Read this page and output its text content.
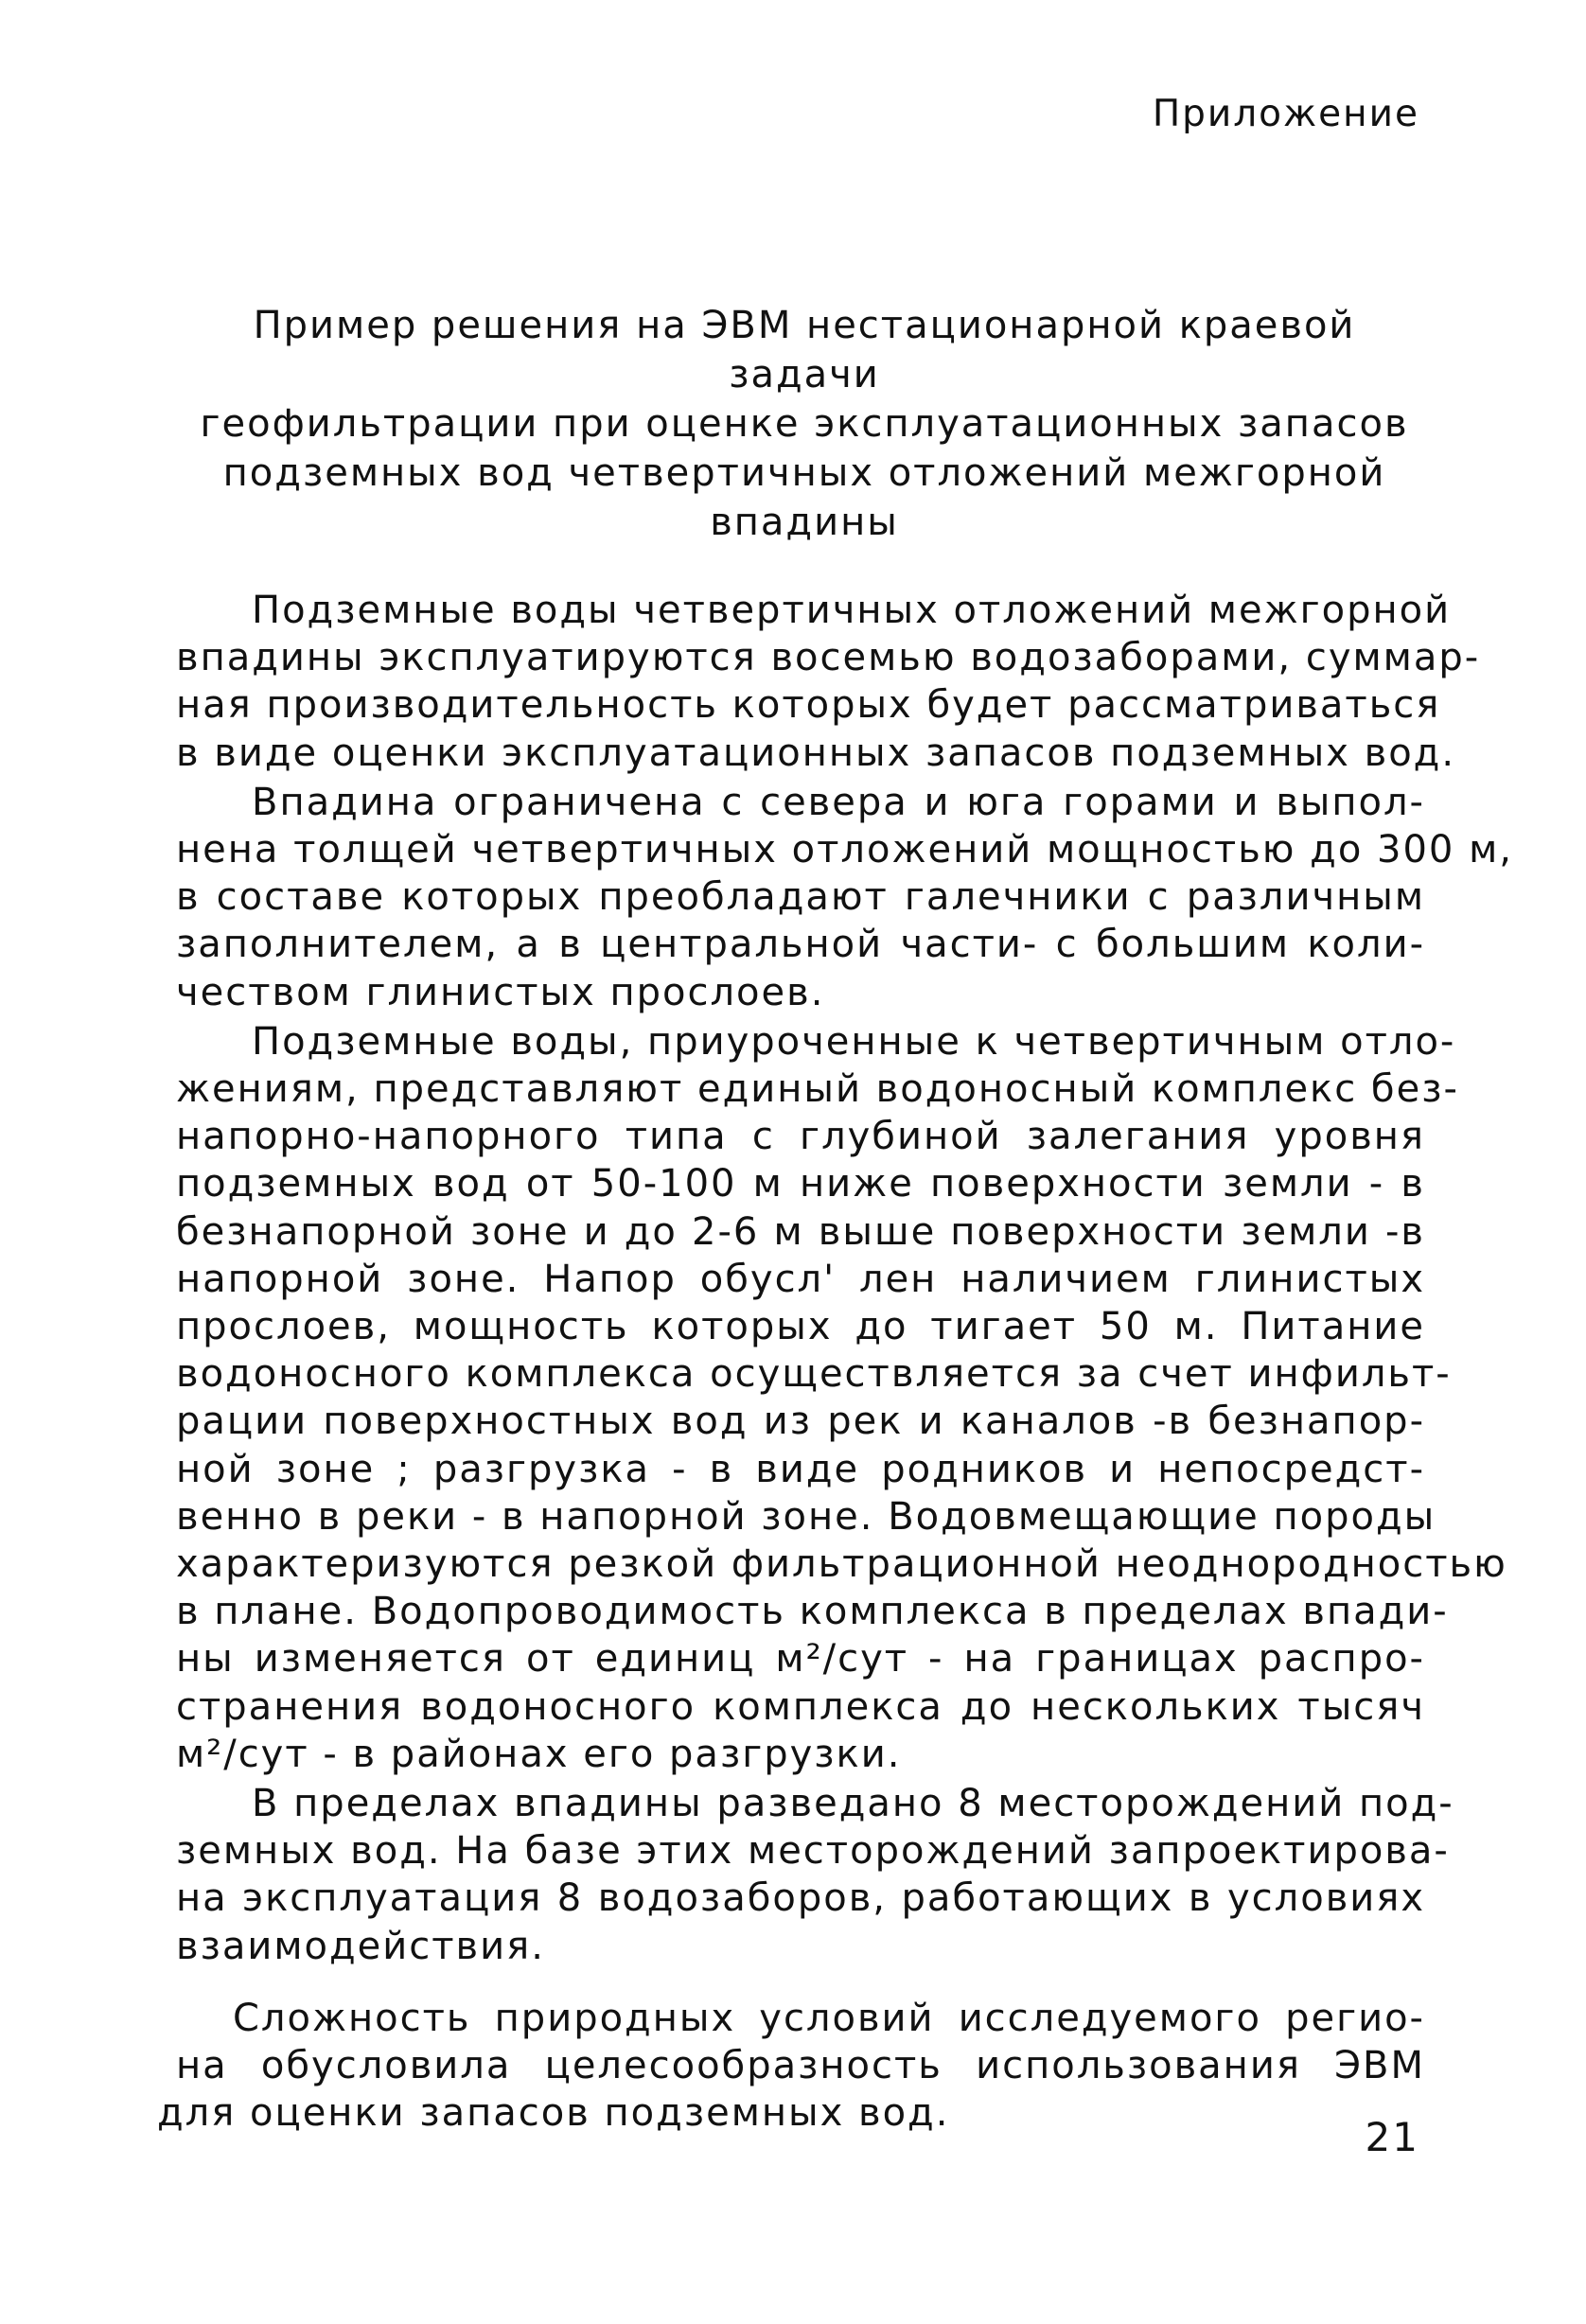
Приложение
Пример решения на ЭВМ нестационарной краевой задачи
геофильтрации при оценке эксплуатационных запасов
подземных вод четвертичных отложений межгорной
впадины
Подземные воды четвертичных отложений межгорной
впадины эксплуатируются восемью водозаборами, суммар-
ная производительность которых будет рассматриваться
в виде оценки эксплуатационных запасов подземных вод.
Впадина ограничена с севера и юга горами и выпол-
нена толщей четвертичных отложений мощностью до 300 м,
в составе которых преобладают галечники с различным
заполнителем, а в центральной части- с большим коли-
чеством глинистых прослоев.
Подземные воды, приуроченные к четвертичным отло-
жениям, представляют единый водоносный комплекс без-
напорно-напорного типа с глубиной залегания уровня
подземных вод от 50-100 м ниже поверхности земли - в
безнапорной зоне и до 2-6 м выше поверхности земли -в
напорной зоне. Напор обусл' лен наличием глинистых
прослоев, мощность которых до тигает 50 м. Питание
водоносного комплекса осуществляется за счет инфильт-
рации поверхностных вод из рек и каналов -в безнапор-
ной зоне ; разгрузка - в виде родников и непосредст-
венно в реки - в напорной зоне. Водовмещающие породы
характеризуются резкой фильтрационной неоднородностью
в плане. Водопроводимость комплекса в пределах впади-
ны изменяется от единиц м²/сут - на границах распро-
странения водоносного комплекса до нескольких тысяч
м²/сут - в районах его разгрузки.
В пределах впадины разведано 8 месторождений под-
земных вод. На базе этих месторождений запроектирова-
на эксплуатация 8 водозаборов, работающих в условиях
взаимодействия.
Сложность природных условий исследуемого регио-
на обусловила целесообразность использования ЭВМ
для оценки запасов подземных вод.
21
